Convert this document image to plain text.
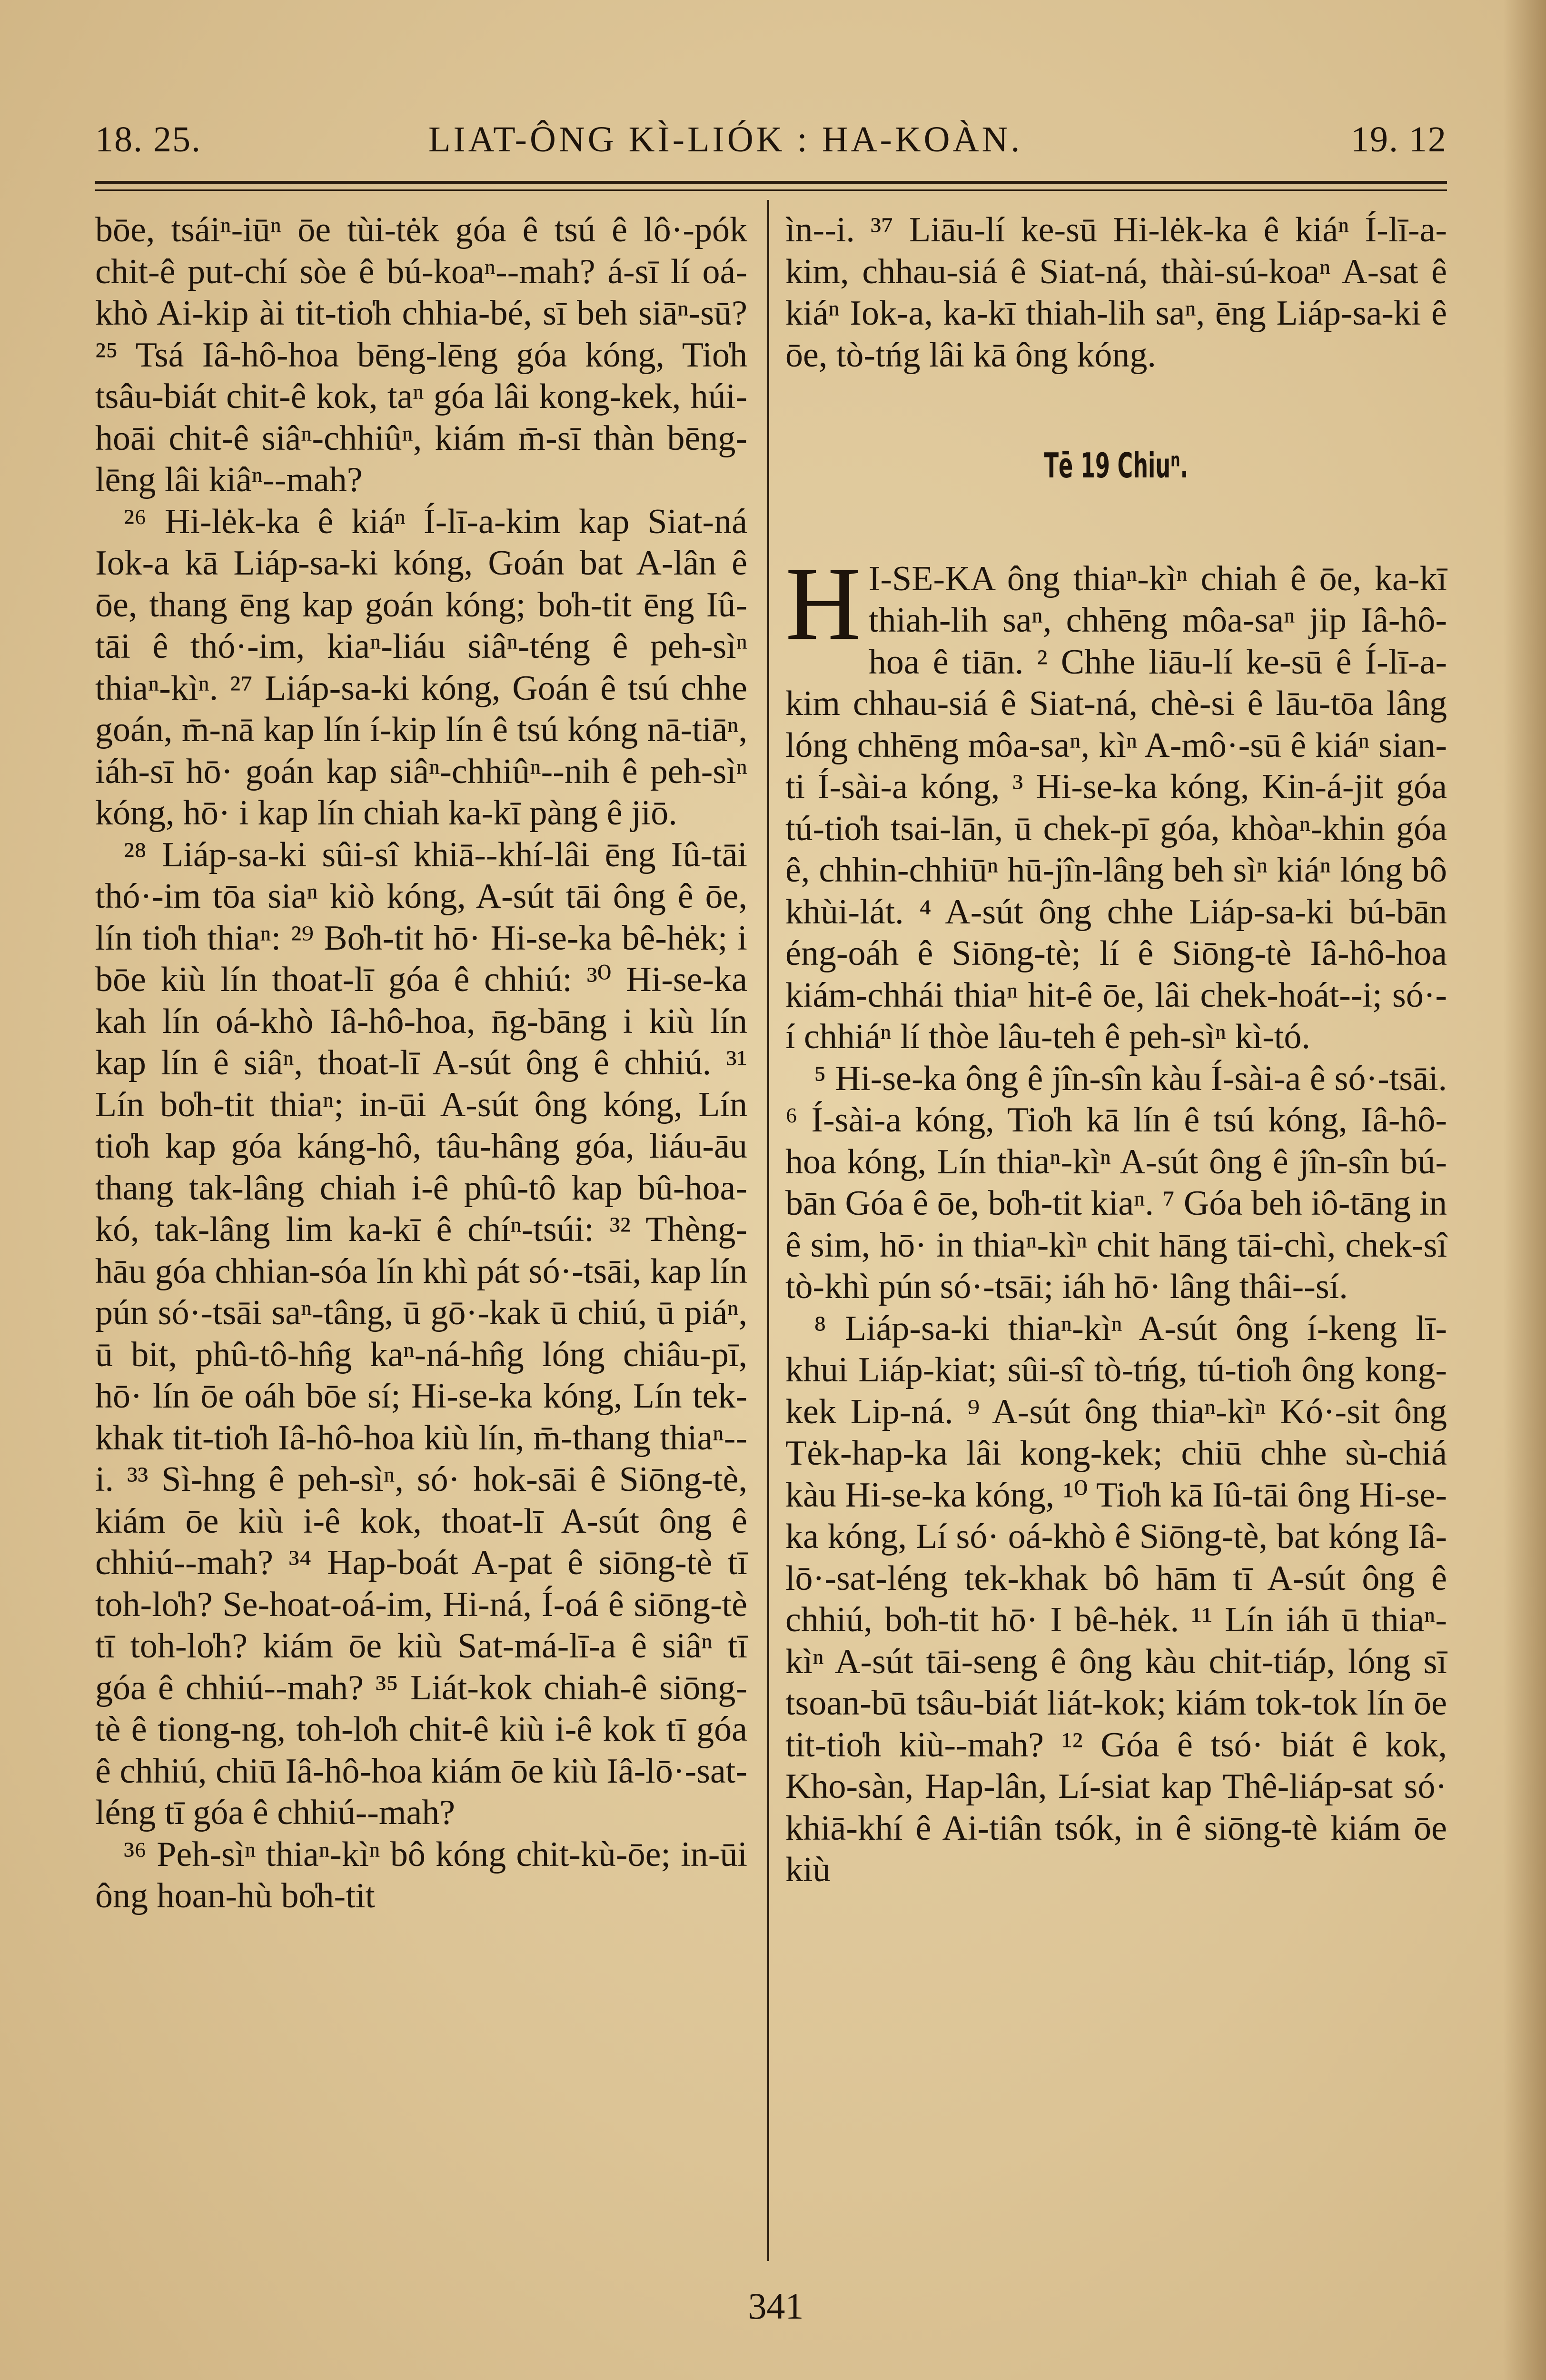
18. 25.	LIAT-ÔNG KÌ-LIÓK : HA-KOÀN.	19. 12

bōe, tsáiⁿ-iūⁿ ōe tùi-tėk góa ê tsú ê lô·-pók chit-ê put-chí sòe ê bú-koaⁿ--mah? á-sī lí oá-khò Ai-kip ài tit-tio̍h chhia-bé, sī beh siāⁿ-sū? ²⁵ Tsá Iâ-hô-hoa bēng-lēng góa kóng, Tio̍h tsâu-biát chit-ê kok, taⁿ góa lâi kong-kek, húi-hoāi chit-ê siâⁿ-chhiûⁿ, kiám m̄-sī thàn bēng-lēng lâi kiâⁿ--mah?

²⁶ Hi-lėk-ka ê kiáⁿ Í-lī-a-kim kap Siat-ná Iok-a kā Liáp-sa-ki kóng, Goán bat A-lân ê ōe, thang ēng kap goán kóng; bo̍h-tit ēng Iû-tāi ê thó·-im, kiaⁿ-liáu siâⁿ-téng ê peh-sìⁿ thiaⁿ-kìⁿ. ²⁷ Liáp-sa-ki kóng, Goán ê tsú chhe goán, m̄-nā kap lín í-kip lín ê tsú kóng nā-tiāⁿ, iáh-sī hō· goán kap siâⁿ-chhiûⁿ--nih ê peh-sìⁿ kóng, hō· i kap lín chiah ka-kī pàng ê jiō.

²⁸ Liáp-sa-ki sûi-sî khiā--khí-lâi ēng Iû-tāi thó·-im tōa siaⁿ kiò kóng, A-sút tāi ông ê ōe, lín tio̍h thiaⁿ: ²⁹ Bo̍h-tit hō· Hi-se-ka bê-hėk; i bōe kiù lín thoat-lī góa ê chhiú: ³⁰ Hi-se-ka kah lín oá-khò Iâ-hô-hoa, n̄g-bāng i kiù lín kap lín ê siâⁿ, thoat-lī A-sút ông ê chhiú. ³¹ Lín bo̍h-tit thiaⁿ; in-ūi A-sút ông kóng, Lín tio̍h kap góa káng-hô, tâu-hâng góa, liáu-āu thang tak-lâng chiah i-ê phû-tô kap bû-hoa-kó, tak-lâng lim ka-kī ê chíⁿ-tsúi: ³² Thèng-hāu góa chhian-sóa lín khì pát só·-tsāi, kap lín pún só·-tsāi saⁿ-tâng, ū gō·-kak ū chiú, ū piáⁿ, ū bit, phû-tô-hn̂g kaⁿ-ná-hn̂g lóng chiâu-pī, hō· lín ōe oáh bōe sí; Hi-se-ka kóng, Lín tek-khak tit-tio̍h Iâ-hô-hoa kiù lín, m̄-thang thiaⁿ--i. ³³ Sì-hng ê peh-sìⁿ, só· hok-sāi ê Siōng-tè, kiám ōe kiù i-ê kok, thoat-lī A-sút ông ê chhiú--mah? ³⁴ Hap-boát A-pat ê siōng-tè tī toh-lo̍h? Se-hoat-oá-im, Hi-ná, Í-oá ê siōng-tè tī toh-lo̍h? kiám ōe kiù Sat-má-lī-a ê siâⁿ tī góa ê chhiú--mah? ³⁵ Liát-kok chiah-ê siōng-tè ê tiong-ng, toh-lo̍h chit-ê kiù i-ê kok tī góa ê chhiú, chiū Iâ-hô-hoa kiám ōe kiù Iâ-lō·-sat-léng tī góa ê chhiú--mah?

³⁶ Peh-sìⁿ thiaⁿ-kìⁿ bô kóng chit-kù-ōe; in-ūi ông hoan-hù bo̍h-tit

ìn--i. ³⁷ Liāu-lí ke-sū Hi-lėk-ka ê kiáⁿ Í-lī-a-kim, chhau-siá ê Siat-ná, thài-sú-koaⁿ A-sat ê kiáⁿ Iok-a, ka-kī thiah-lih saⁿ, ēng Liáp-sa-ki ê ōe, tò-tńg lâi kā ông kóng.

Tē 19 Chiuⁿ.

H I-SE-KA ông thiaⁿ-kìⁿ chiah ê ōe, ka-kī thiah-lih saⁿ, chhēng môa-saⁿ jip Iâ-hô-hoa ê tiān. ² Chhe liāu-lí ke-sū ê Í-lī-a-kim chhau-siá ê Siat-ná, chè-si ê lāu-tōa lâng lóng chhēng môa-saⁿ, kìⁿ A-mô·-sū ê kiáⁿ sian-ti Í-sài-a kóng, ³ Hi-se-ka kóng, Kin-á-jit góa tú-tio̍h tsai-lān, ū chek-pī góa, khòaⁿ-khin góa ê, chhin-chhiūⁿ hū-jîn-lâng beh sìⁿ kiáⁿ lóng bô khùi-lát. ⁴ A-sút ông chhe Liáp-sa-ki bú-bān éng-oáh ê Siōng-tè; lí ê Siōng-tè Iâ-hô-hoa kiám-chhái thiaⁿ hit-ê ōe, lâi chek-hoát--i; só·-í chhiáⁿ lí thòe lâu-teh ê peh-sìⁿ kì-tó.

⁵ Hi-se-ka ông ê jîn-sîn kàu Í-sài-a ê só·-tsāi. ⁶ Í-sài-a kóng, Tio̍h kā lín ê tsú kóng, Iâ-hô-hoa kóng, Lín thiaⁿ-kìⁿ A-sút ông ê jîn-sîn bú-bān Góa ê ōe, bo̍h-tit kiaⁿ. ⁷ Góa beh iô-tāng in ê sim, hō· in thiaⁿ-kìⁿ chit hāng tāi-chì, chek-sî tò-khì pún só·-tsāi; iáh hō· lâng thâi--sí.

⁸ Liáp-sa-ki thiaⁿ-kìⁿ A-sút ông í-keng lī-khui Liáp-kiat; sûi-sî tò-tńg, tú-tio̍h ông kong-kek Lip-ná. ⁹ A-sút ông thiaⁿ-kìⁿ Kó·-sit ông Tėk-hap-ka lâi kong-kek; chiū chhe sù-chiá kàu Hi-se-ka kóng, ¹⁰ Tio̍h kā Iû-tāi ông Hi-se-ka kóng, Lí só· oá-khò ê Siōng-tè, bat kóng Iâ-lō·-sat-léng tek-khak bô hām tī A-sút ông ê chhiú, bo̍h-tit hō· I bê-hėk. ¹¹ Lín iáh ū thiaⁿ-kìⁿ A-sút tāi-seng ê ông kàu chit-tiáp, lóng sī tsoan-bū tsâu-biát liát-kok; kiám tok-tok lín ōe tit-tio̍h kiù--mah? ¹² Góa ê tsó· biát ê kok, Kho-sàn, Hap-lân, Lí-siat kap Thê-liáp-sat só· khiā-khí ê Ai-tiân tsók, in ê siōng-tè kiám ōe kiù

341
